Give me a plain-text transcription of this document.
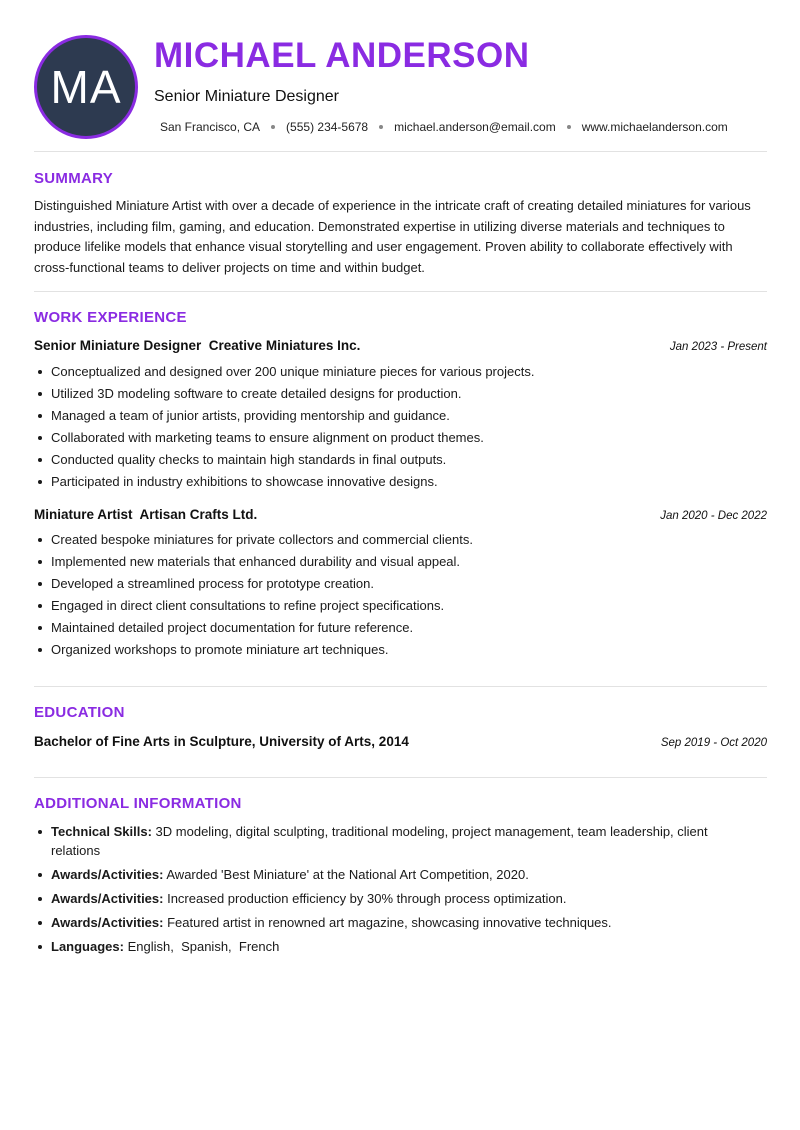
MA
MICHAEL ANDERSON
Senior Miniature Designer
San Francisco, CA (555) 234-5678 michael.anderson@email.com www.michaelanderson.com
SUMMARY

Distinguished Miniature Artist with over a decade of experience in the intricate craft of creating detailed miniatures for various industries, including film, gaming, and education. Demonstrated expertise in utilizing diverse materials and techniques to produce lifelike models that enhance visual storytelling and user engagement. Proven ability to collaborate effectively with cross-functional teams to deliver projects on time and within budget.

WORK EXPERIENCE
Senior Miniature Designer  Creative Miniatures Inc.	Jan 2023 - Present
Conceptualized and designed over 200 unique miniature pieces for various projects.
Utilized 3D modeling software to create detailed designs for production.
Managed a team of junior artists, providing mentorship and guidance.
Collaborated with marketing teams to ensure alignment on product themes.
Conducted quality checks to maintain high standards in final outputs.
Participated in industry exhibitions to showcase innovative designs.
Miniature Artist  Artisan Crafts Ltd.	Jan 2020 - Dec 2022
Created bespoke miniatures for private collectors and commercial clients.
Implemented new materials that enhanced durability and visual appeal.
Developed a streamlined process for prototype creation.
Engaged in direct client consultations to refine project specifications.
Maintained detailed project documentation for future reference.
Organized workshops to promote miniature art techniques.
EDUCATION
Bachelor of Fine Arts in Sculpture, University of Arts, 2014	Sep 2019 - Oct 2020
ADDITIONAL INFORMATION
Technical Skills: 3D modeling, digital sculpting, traditional modeling, project management, team leadership, client relations
Awards/Activities: Awarded 'Best Miniature' at the National Art Competition, 2020.
Awards/Activities: Increased production efficiency by 30% through process optimization.
Awards/Activities: Featured artist in renowned art magazine, showcasing innovative techniques.
Languages: English,  Spanish,  French
